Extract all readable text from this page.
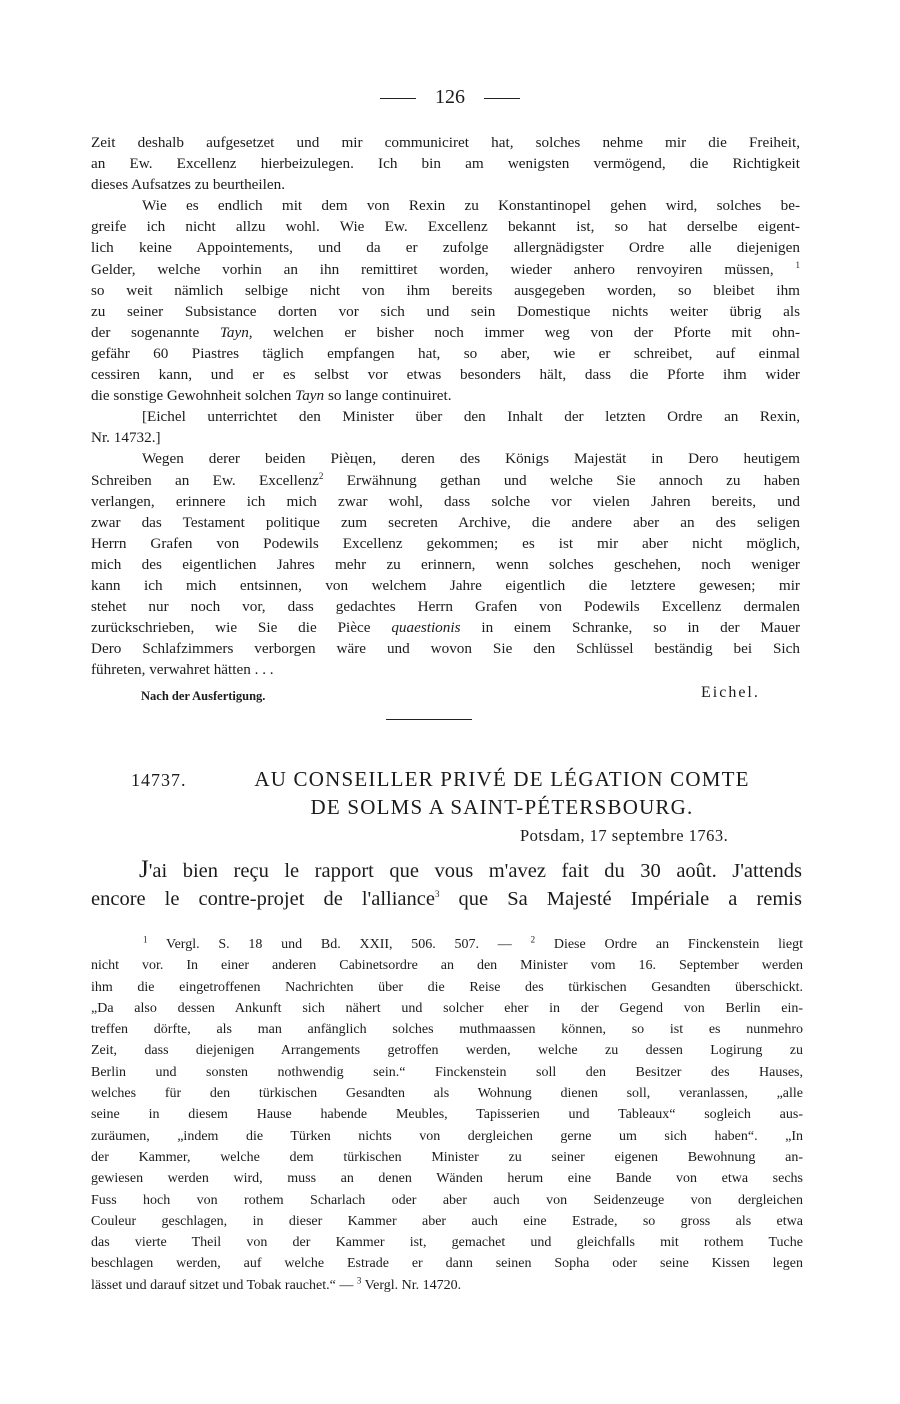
126
Zeit deshalb aufgesetzet und mir communiciret hat, solches nehme mir die Freiheit,
an Ew. Excellenz hierbeizulegen. Ich bin am wenigsten vermögend, die Richtigkeit
dieses Aufsatzes zu beurtheilen.
Wie es endlich mit dem von Rexin zu Konstantinopel gehen wird, solches be-
greife ich nicht allzu wohl. Wie Ew. Excellenz bekannt ist, so hat derselbe eigent-
lich keine Appointements, und da er zufolge allergnädigster Ordre alle diejenigen
Gelder, welche vorhin an ihn remittiret worden, wieder anhero renvoyiren müssen, $^1$
so weit nämlich selbige nicht von ihm bereits ausgegeben worden, so bleibet ihm
zu seiner Subsistance dorten vor sich und sein Domestique nichts weiter übrig als
der sogenannte Tayn, welchen er bisher noch immer weg von der Pforte mit ohn-
gefähr 60 Piastres täglich empfangen hat, so aber, wie er schreibet, auf einmal
cessiren kann, und er es selbst vor etwas besonders hält, dass die Pforte ihm wider
die sonstige Gewohnheit solchen Tayn so lange continuiret.
[Eichel unterrichtet den Minister über den Inhalt der letzten Ordre an Rexin,
Nr. 14732.]
Wegen derer beiden Pièцen, deren des Königs Majestät in Dero heutigem
Schreiben an Ew. Excellenz$^2$ Erwähnung gethan und welche Sie annoch zu haben
verlangen, erinnere ich mich zwar wohl, dass solche vor vielen Jahren bereits, und
zwar das Testament politique zum secreten Archive, die andere aber an des seligen
Herrn Grafen von Podewils Excellenz gekommen; es ist mir aber nicht möglich,
mich des eigentlichen Jahres mehr zu erinnern, wenn solches geschehen, noch weniger
kann ich mich entsinnen, von welchem Jahre eigentlich die letztere gewesen; mir
stehet nur noch vor, dass gedachtes Herrn Grafen von Podewils Excellenz dermalen
zurückschrieben, wie Sie die Pièce quaestionis in einem Schranke, so in der Mauer
Dero Schlafzimmers verborgen wäre und wovon Sie den Schlüssel beständig bei Sich
führeten, verwahret hätten . . .
Nach der Ausfertigung.	Eichel.
14737.	AU CONSEILLER PRIVÉ DE LÉGATION COMTE
DE SOLMS A SAINT-PÉTERSBOURG.
Potsdam, 17 septembre 1763.
J'ai bien reçu le rapport que vous m'avez fait du 30 août. J'attends
encore le contre-projet de l'alliance$^3$ que Sa Majesté Impériale a remis
$^1$ Vergl. S. 18 und Bd. XXII, 506. 507. — $^2$ Diese Ordre an Finckenstein liegt
nicht vor. In einer anderen Cabinetsordre an den Minister vom 16. September werden
ihm die eingetroffenen Nachrichten über die Reise des türkischen Gesandten überschickt.
„Da also dessen Ankunft sich nähert und solcher eher in der Gegend von Berlin ein-
treffen dörfte, als man anfänglich solches muthmaassen können, so ist es nunmehro
Zeit, dass diejenigen Arrangements getroffen werden, welche zu dessen Logirung zu
Berlin und sonsten nothwendig sein.“ Finckenstein soll den Besitzer des Hauses,
welches für den türkischen Gesandten als Wohnung dienen soll, veranlassen, „alle
seine in diesem Hause habende Meubles, Tapisserien und Tableaux“ sogleich aus-
zuräumen, „indem die Türken nichts von dergleichen gerne um sich haben“. „In
der Kammer, welche dem türkischen Minister zu seiner eigenen Bewohnung an-
gewiesen werden wird, muss an denen Wänden herum eine Bande von etwa sechs
Fuss hoch von rothem Scharlach oder aber auch von Seidenzeuge von dergleichen
Couleur geschlagen, in dieser Kammer aber auch eine Estrade, so gross als etwa
das vierte Theil von der Kammer ist, gemachet und gleichfalls mit rothem Tuche
beschlagen werden, auf welche Estrade er dann seinen Sopha oder seine Kissen legen
lässet und darauf sitzet und Tobak rauchet.“ — $^3$ Vergl. Nr. 14720.
